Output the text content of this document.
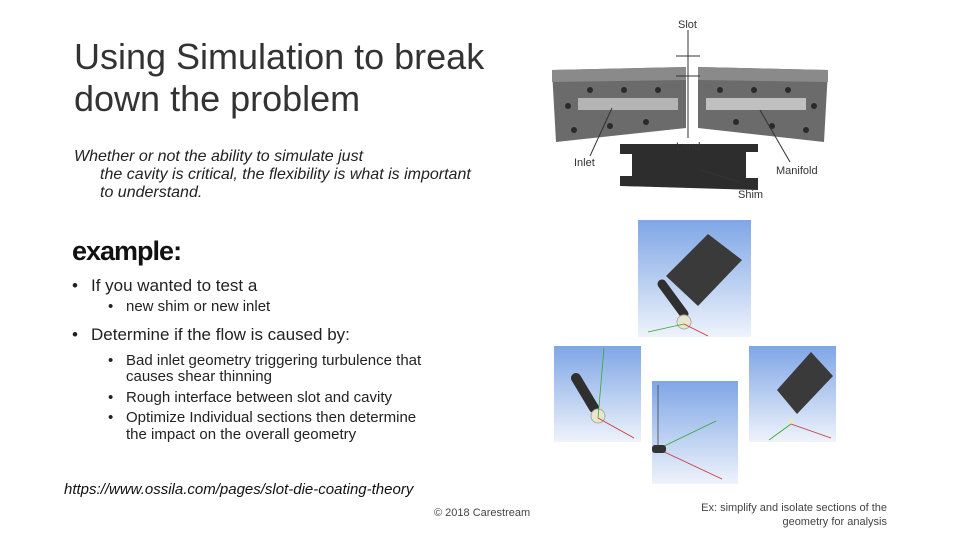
Using Simulation to break down the problem
Whether or not the ability to simulate just
the cavity is critical, the flexibility is what is important to understand.
example:
• If you wanted to test a
• new shim or new inlet
• Determine if the flow is caused by:
• Bad inlet geometry triggering turbulence that causes shear thinning
• Rough interface between slot and cavity
• Optimize Individual sections then determine the impact on the overall geometry
https://www.ossila.com/pages/slot-die-coating-theory
© 2018 Carestream	Ex: simplify and isolate sections of the geometry for analysis
Slot
Land
Inlet
Manifold
Shim
